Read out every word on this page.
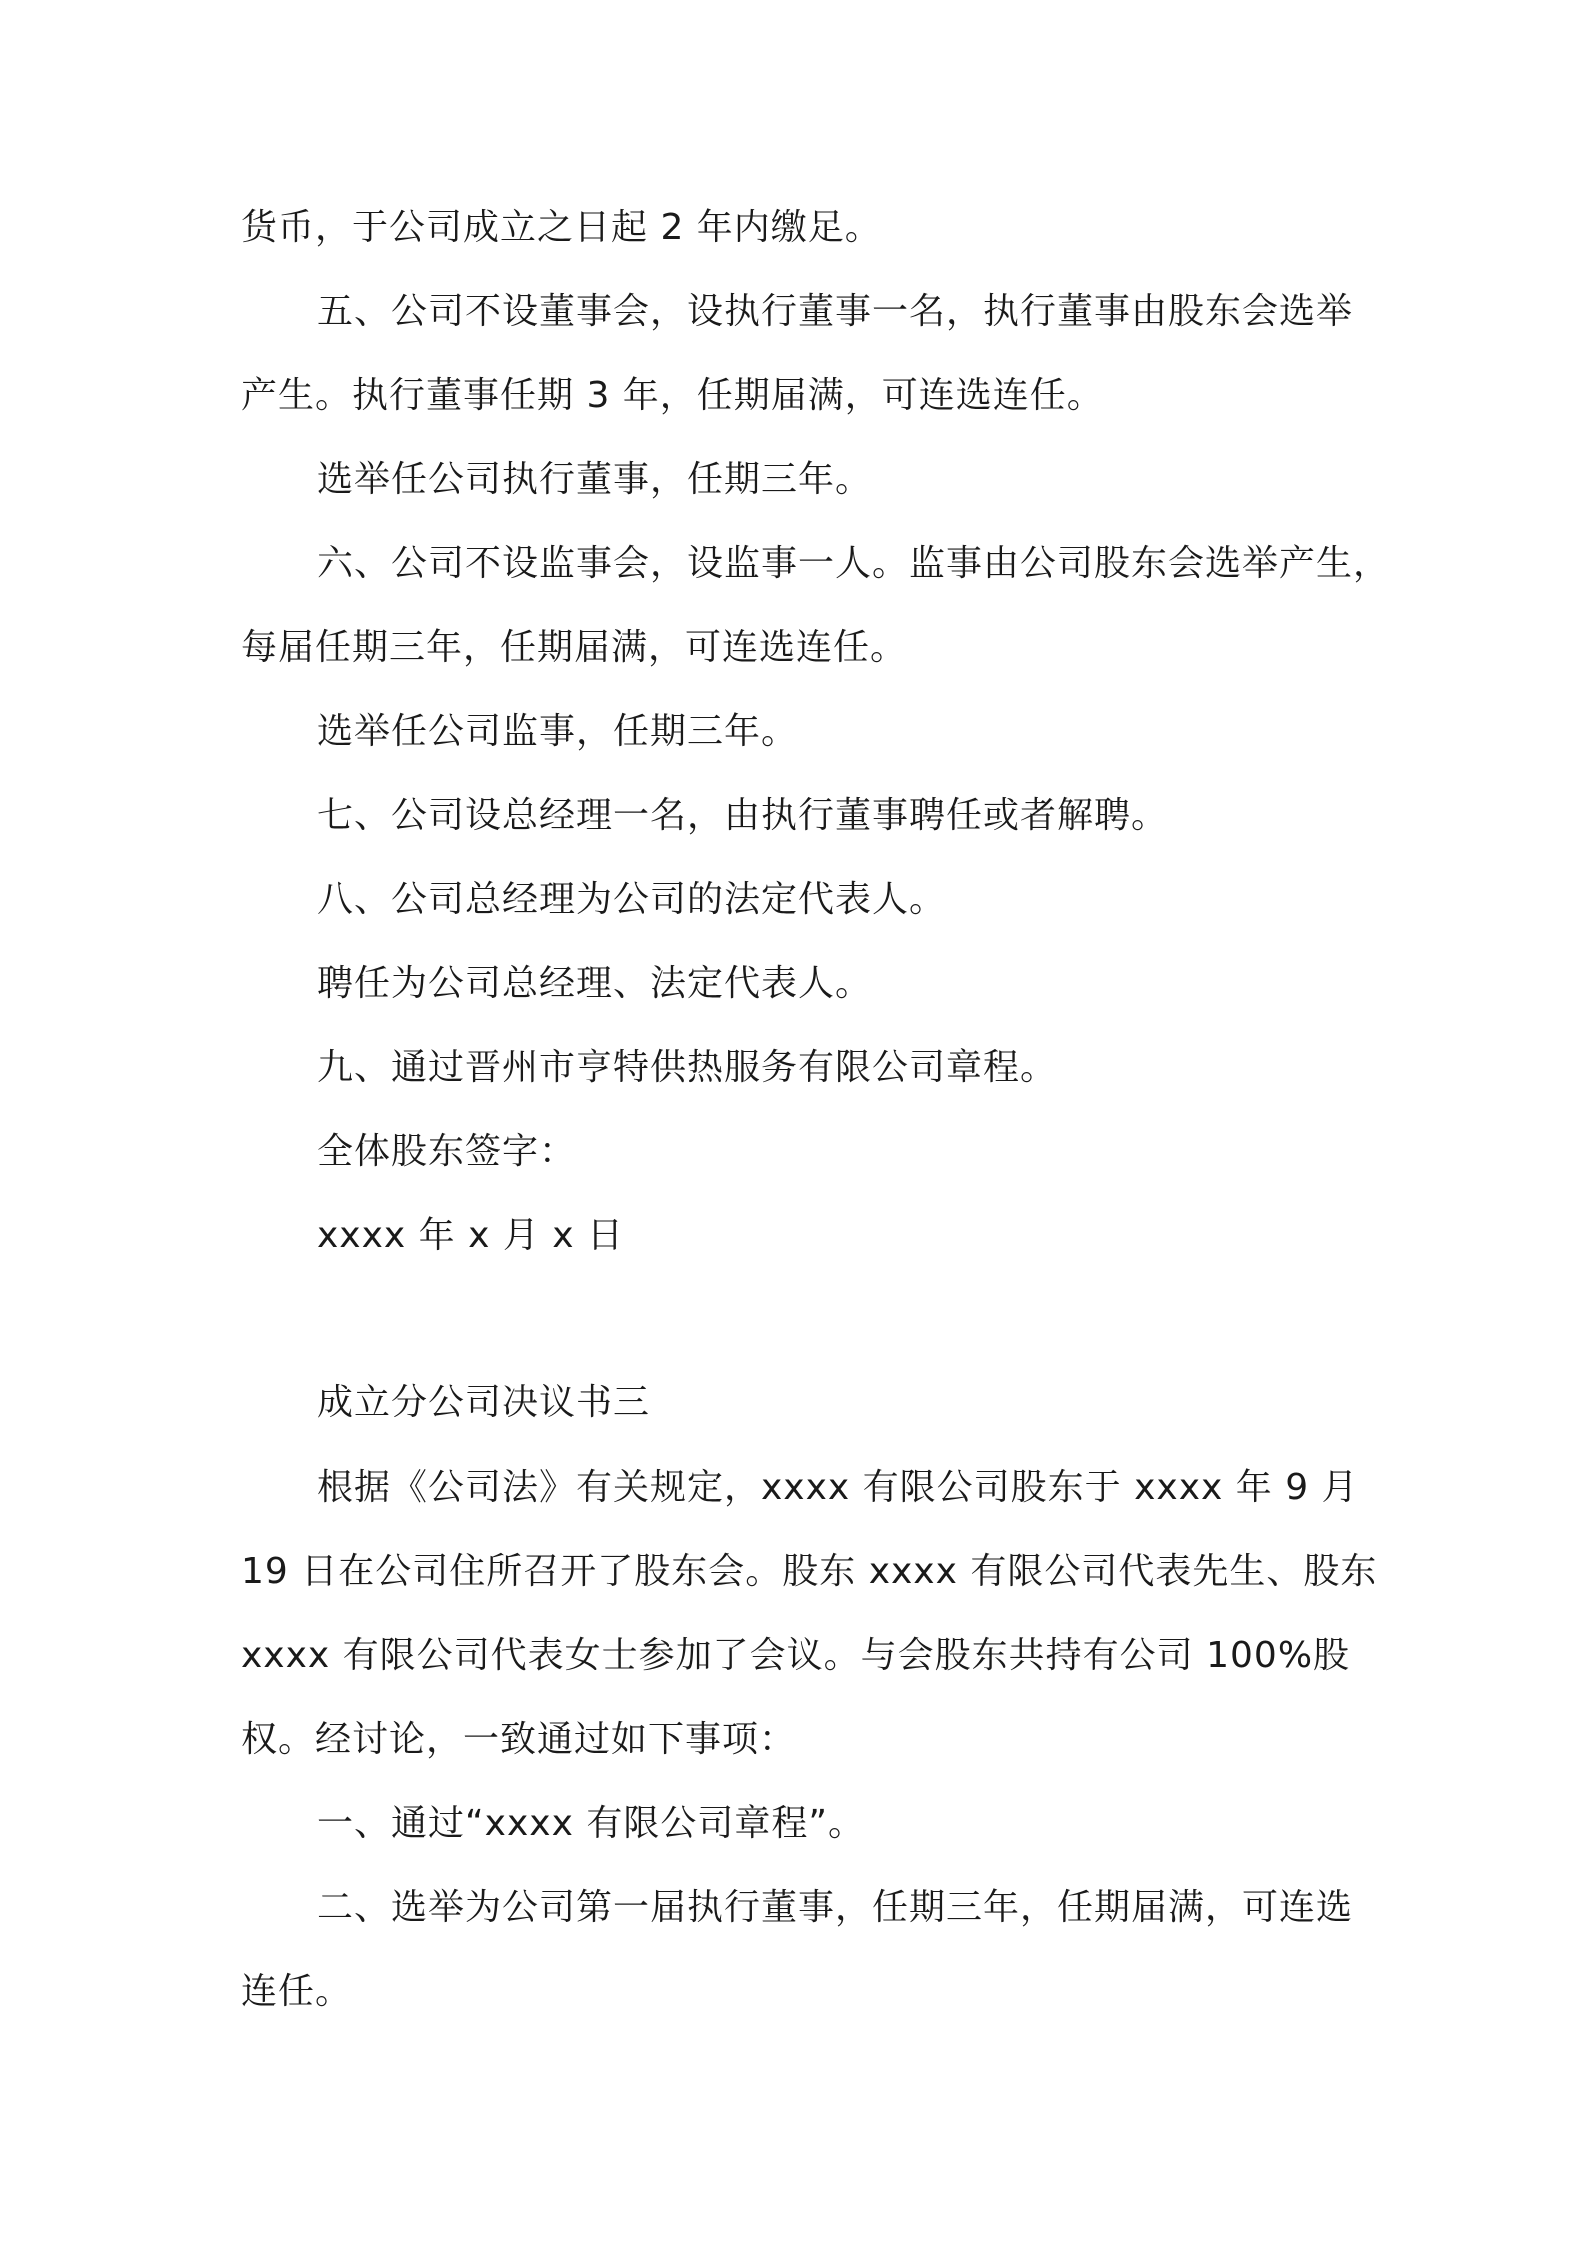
货币，于公司成立之日起 2 年内缴足。
五、公司不设董事会，设执行董事一名，执行董事由股东会选举
产生。执行董事任期 3 年，任期届满，可连选连任。
选举任公司执行董事，任期三年。
六、公司不设监事会，设监事一人。监事由公司股东会选举产生，
每届任期三年，任期届满，可连选连任。
选举任公司监事，任期三年。
七、公司设总经理一名，由执行董事聘任或者解聘。
八、公司总经理为公司的法定代表人。
聘任为公司总经理、法定代表人。
九、通过晋州市亨特供热服务有限公司章程。
全体股东签字：
xxxx 年 x 月 x 日
成立分公司决议书三
根据《公司法》有关规定，xxxx 有限公司股东于 xxxx 年 9 月
19 日在公司住所召开了股东会。股东 xxxx 有限公司代表先生、股东
xxxx 有限公司代表女士参加了会议。与会股东共持有公司 100%股
权。经讨论，一致通过如下事项：
一、通过“xxxx 有限公司章程”。
二、选举为公司第一届执行董事，任期三年，任期届满，可连选
连任。
